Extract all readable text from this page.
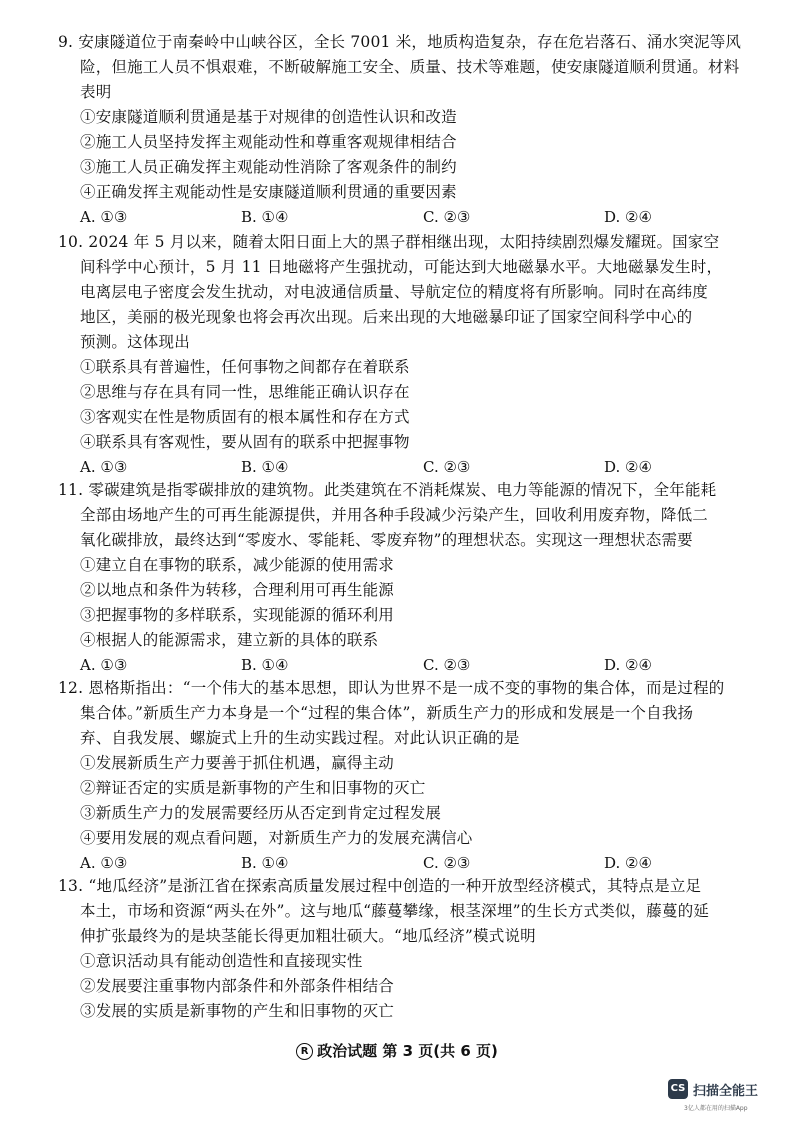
9. 安康隧道位于南秦岭中山峡谷区，全长 7001 米，地质构造复杂，存在危岩落石、涌水突泥等风
险，但施工人员不惧艰难，不断破解施工安全、质量、技术等难题，使安康隧道顺利贯通。材料
表明
①安康隧道顺利贯通是基于对规律的创造性认识和改造
②施工人员坚持发挥主观能动性和尊重客观规律相结合
③施工人员正确发挥主观能动性消除了客观条件的制约
④正确发挥主观能动性是安康隧道顺利贯通的重要因素
A. ①③	B. ①④	C. ②③	D. ②④
10. 2024 年 5 月以来，随着太阳日面上大的黑子群相继出现，太阳持续剧烈爆发耀斑。国家空
间科学中心预计，5 月 11 日地磁将产生强扰动，可能达到大地磁暴水平。大地磁暴发生时，
电离层电子密度会发生扰动，对电波通信质量、导航定位的精度将有所影响。同时在高纬度
地区，美丽的极光现象也将会再次出现。后来出现的大地磁暴印证了国家空间科学中心的
预测。这体现出
①联系具有普遍性，任何事物之间都存在着联系
②思维与存在具有同一性，思维能正确认识存在
③客观实在性是物质固有的根本属性和存在方式
④联系具有客观性，要从固有的联系中把握事物
A. ①③	B. ①④	C. ②③	D. ②④
11. 零碳建筑是指零碳排放的建筑物。此类建筑在不消耗煤炭、电力等能源的情况下，全年能耗
全部由场地产生的可再生能源提供，并用各种手段减少污染产生，回收利用废弃物，降低二
氧化碳排放，最终达到“零废水、零能耗、零废弃物”的理想状态。实现这一理想状态需要
①建立自在事物的联系，减少能源的使用需求
②以地点和条件为转移，合理利用可再生能源
③把握事物的多样联系，实现能源的循环利用
④根据人的能源需求，建立新的具体的联系
A. ①③	B. ①④	C. ②③	D. ②④
12. 恩格斯指出：“一个伟大的基本思想，即认为世界不是一成不变的事物的集合体，而是过程的
集合体。”新质生产力本身是一个“过程的集合体”，新质生产力的形成和发展是一个自我扬
弃、自我发展、螺旋式上升的生动实践过程。对此认识正确的是
①发展新质生产力要善于抓住机遇，赢得主动
②辩证否定的实质是新事物的产生和旧事物的灭亡
③新质生产力的发展需要经历从否定到肯定过程发展
④要用发展的观点看问题，对新质生产力的发展充满信心
A. ①③	B. ①④	C. ②③	D. ②④
13. “地瓜经济”是浙江省在探索高质量发展过程中创造的一种开放型经济模式，其特点是立足
本土，市场和资源“两头在外”。这与地瓜“藤蔓攀缘，根茎深埋”的生长方式类似，藤蔓的延
伸扩张最终为的是块茎能长得更加粗壮硕大。“地瓜经济”模式说明
①意识活动具有能动创造性和直接现实性
②发展要注重事物内部条件和外部条件相结合
③发展的实质是新事物的产生和旧事物的灭亡
R 政治试题 第 3 页(共 6 页)
CS 扫描全能王
3亿人都在用的扫描App
